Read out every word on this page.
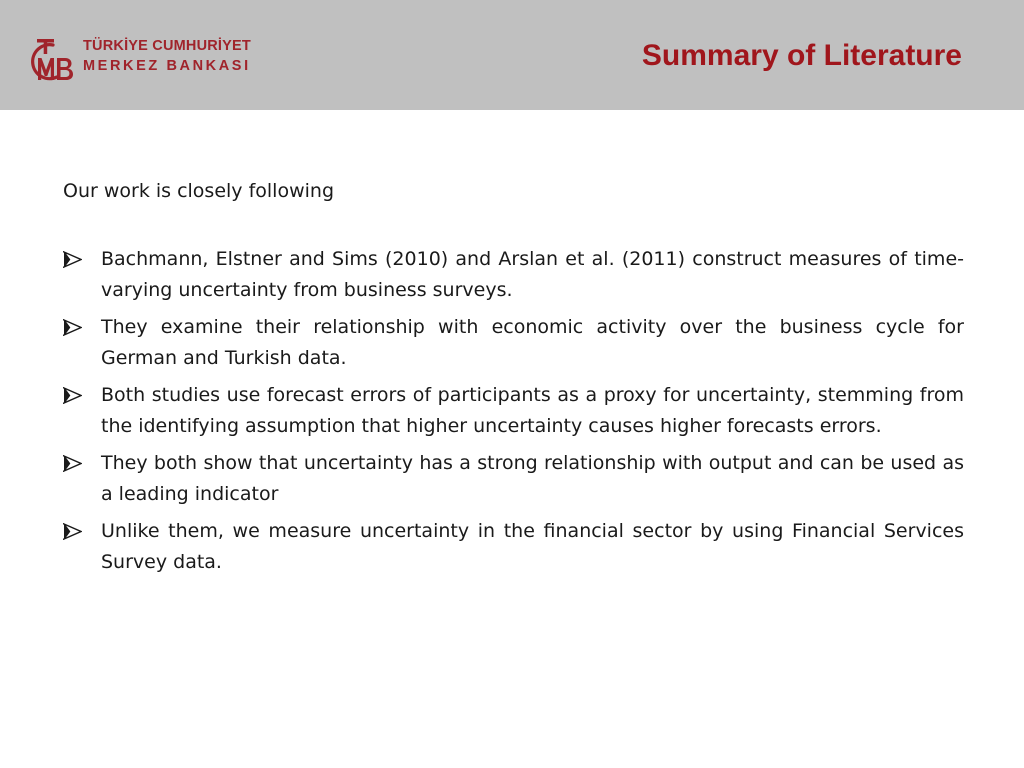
TÜRKİYE CUMHURİYET
MERKEZ BANKASI	Summary of Literature

Our work is closely following

Bachmann, Elstner and Sims (2010) and Arslan et al. (2011) construct measures of time-varying uncertainty from business surveys.
They examine their relationship with economic activity over the business cycle for German and Turkish data.
Both studies use forecast errors of participants as a proxy for uncertainty, stemming from the identifying assumption that higher uncertainty causes higher forecasts errors.
They both show that uncertainty has a strong relationship with output and can be used as a leading indicator
Unlike them, we measure uncertainty in the financial sector by using Financial Services Survey data.
